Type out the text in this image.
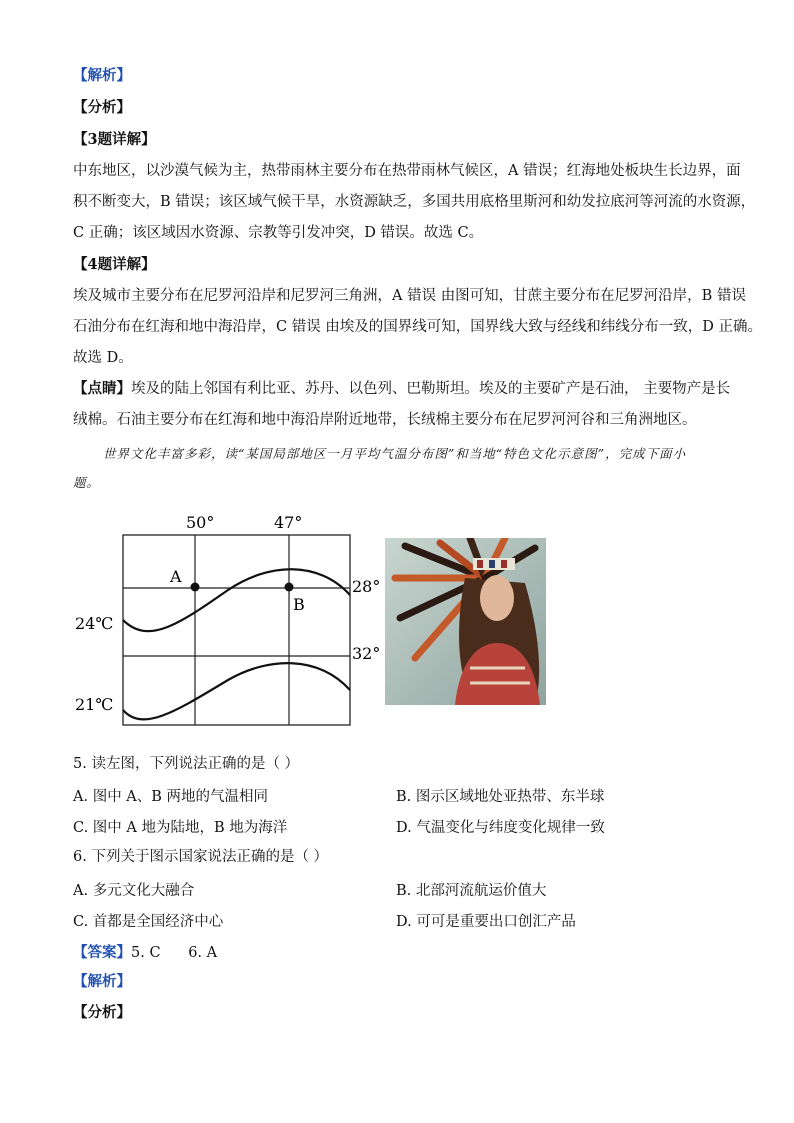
【解析】
【分析】
【3题详解】
中东地区，以沙漠气候为主，热带雨林主要分布在热带雨林气候区，A 错误；红海地处板块生长边界，面
积不断变大，B 错误；该区域气候干旱，水资源缺乏，多国共用底格里斯河和幼发拉底河等河流的水资源，
C 正确；该区域因水资源、宗教等引发冲突，D 错误。故选 C。
【4题详解】
埃及城市主要分布在尼罗河沿岸和尼罗河三角洲，A 错误 由图可知，甘蔗主要分布在尼罗河沿岸，B 错误
石油分布在红海和地中海沿岸，C 错误 由埃及的国界线可知，国界线大致与经线和纬线分布一致，D 正确。
故选 D。
【点睛】埃及的陆上邻国有利比亚、苏丹、以色列、巴勒斯坦。埃及的主要矿产是石油， 主要物产是长
绒棉。石油主要分布在红海和地中海沿岸附近地带，长绒棉主要分布在尼罗河河谷和三角洲地区。
世界文化丰富多彩，读“某国局部地区一月平均气温分布图”和当地“特色文化示意图”，完成下面小
题。
A
B
50°	47°
28°
32°
24℃
21℃
5. 读左图，下列说法正确的是（ ）
A. 图中 A、B 两地的气温相同	B. 图示区域地处亚热带、东半球
C. 图中 A 地为陆地，B 地为海洋	D. 气温变化与纬度变化规律一致
6. 下列关于图示国家说法正确的是（ ）
A. 多元文化大融合	B. 北部河流航运价值大
C. 首都是全国经济中心	D. 可可是重要出口创汇产品
【答案】5. C      6. A
【解析】
【分析】
